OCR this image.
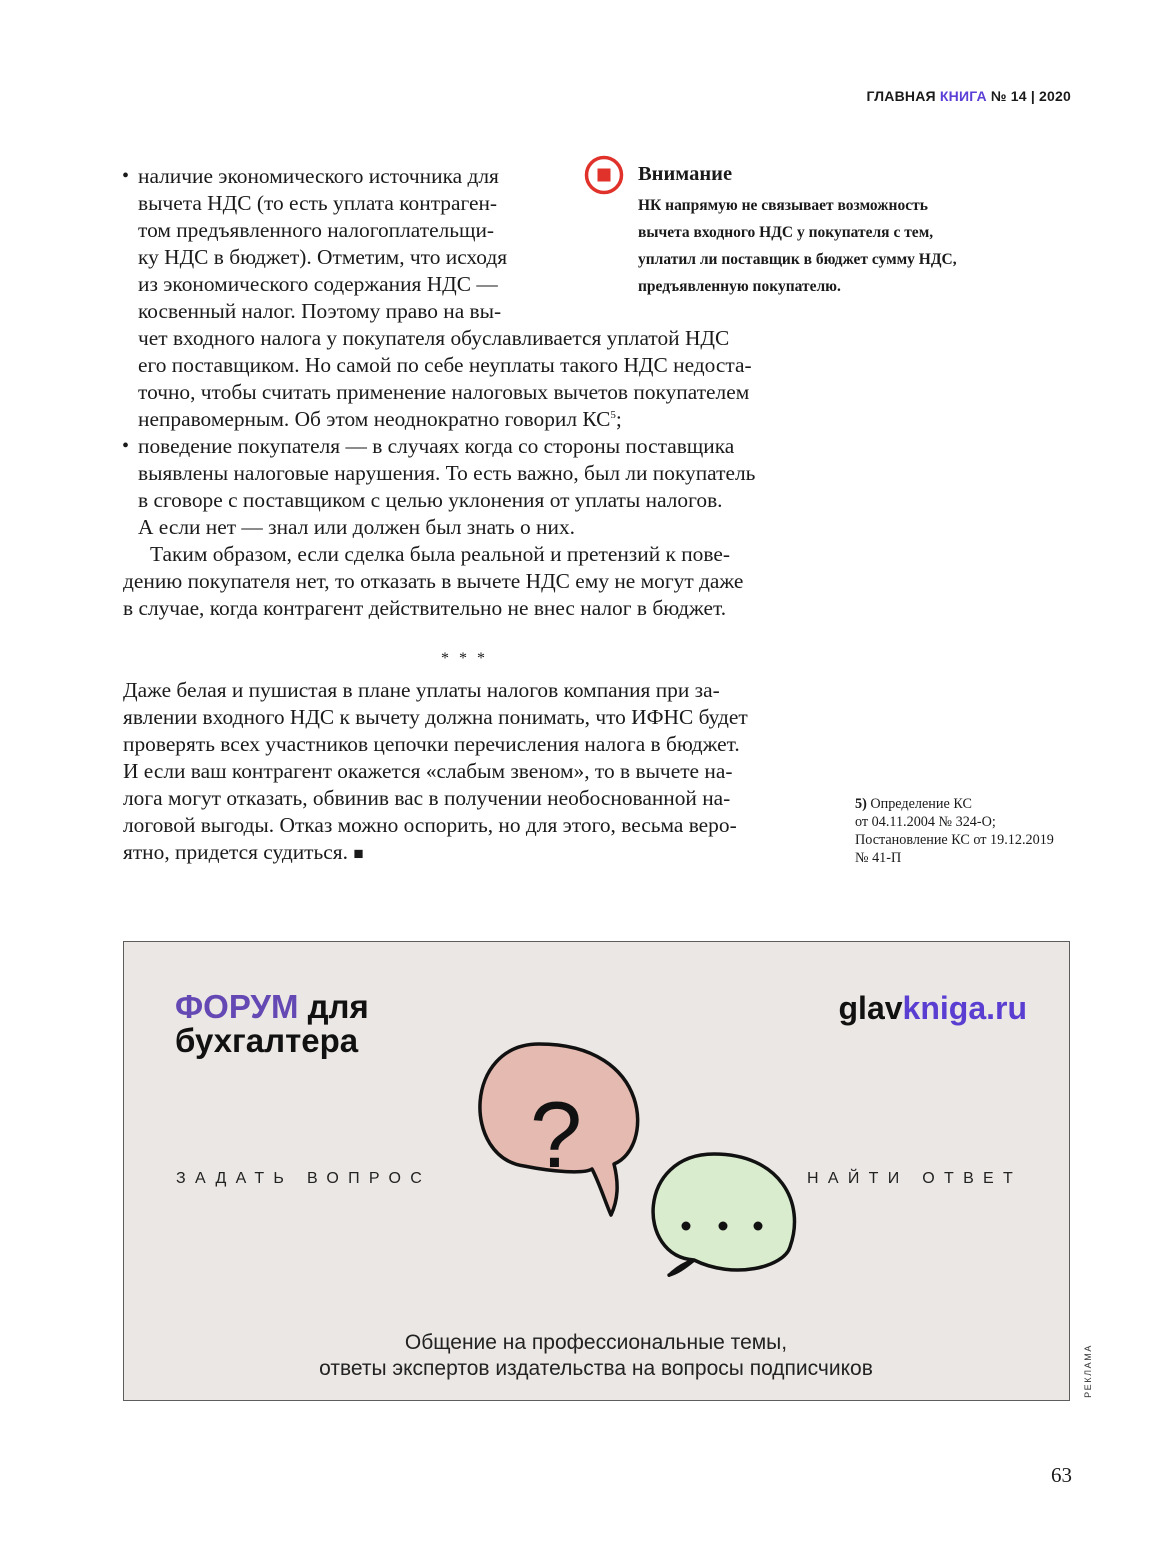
ГЛАВНАЯ КНИГА № 14 | 2020
• наличие экономического источника для
вычета НДС (то есть уплата контраген-
том предъявленного налогоплательщи-
ку НДС в бюджет). Отметим, что исходя
из экономического содержания НДС —
косвенный налог. Поэтому право на вы-
чет входного налога у покупателя обуславливается уплатой НДС
его поставщиком. Но самой по себе неуплаты такого НДС недоста-
точно, чтобы считать применение налоговых вычетов покупателем
неправомерным. Об этом неоднократно говорил $КС^5$;
• поведение покупателя — в случаях когда со стороны поставщика
выявлены налоговые нарушения. То есть важно, был ли покупатель
в сговоре с поставщиком с целью уклонения от уплаты налогов.
А если нет — знал или должен был знать о них.
Таким образом, если сделка была реальной и претензий к пове-
дению покупателя нет, то отказать в вычете НДС ему не могут даже
в случае, когда контрагент действительно не внес налог в бюджет.
* * *
Даже белая и пушистая в плане уплаты налогов компания при за-
явлении входного НДС к вычету должна понимать, что ИФНС будет
проверять всех участников цепочки перечисления налога в бюджет.
И если ваш контрагент окажется «слабым звеном», то в вычете на-
лога могут отказать, обвинив вас в получении необоснованной на-
логовой выгоды. Отказ можно оспорить, но для этого, весьма веро-
ятно, придется судиться. ■
Внимание
НК напрямую не связывает возможность
вычета входного НДС у покупателя с тем,
уплатил ли поставщик в бюджет сумму НДС,
предъявленную покупателю.
5) Определение КС
от 04.11.2004 № 324-О;
Постановление КС от 19.12.2019
№ 41-П
ФОРУМ для
бухгалтера
glavkniga.ru
ЗАДАТЬ ВОПРОС	НАЙТИ ОТВЕТ
?
Общение на профессиональные темы,
ответы экспертов издательства на вопросы подписчиков	РЕКЛАМА
63
